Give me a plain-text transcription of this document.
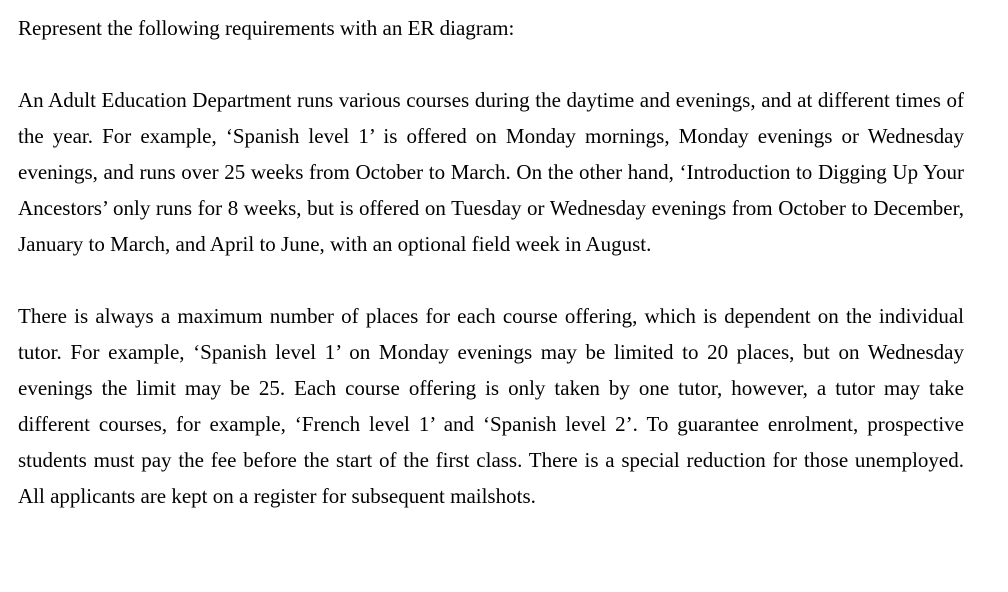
Represent the following requirements with an ER diagram:

An Adult Education Department runs various courses during the daytime and evenings, and at different times of the year. For example, ‘Spanish level 1’ is offered on Monday mornings, Monday evenings or Wednesday evenings, and runs over 25 weeks from October to March. On the other hand, ‘Introduction to Digging Up Your Ancestors’ only runs for 8 weeks, but is offered on Tuesday or Wednesday evenings from October to December, January to March, and April to June, with an optional field week in August.

There is always a maximum number of places for each course offering, which is dependent on the individual tutor. For example, ‘Spanish level 1’ on Monday evenings may be limited to 20 places, but on Wednesday evenings the limit may be 25. Each course offering is only taken by one tutor, however, a tutor may take different courses, for example, ‘French level 1’ and ‘Spanish level 2’. To guarantee enrolment, prospective students must pay the fee before the start of the first class. There is a special reduction for those unemployed. All applicants are kept on a register for subsequent mailshots.
